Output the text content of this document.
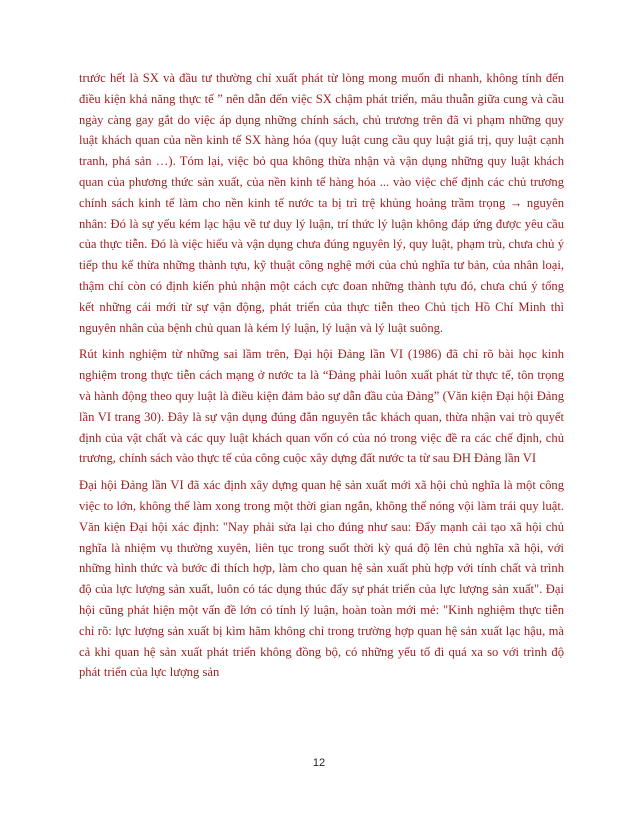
trước hết là SX và đầu tư thường chỉ xuất phát từ lòng mong muốn đi nhanh, không tính đến điều kiện khả năng thực tế ” nên dẫn đến việc SX chậm phát triển, mâu thuẫn giữa cung và cầu ngày càng gay gắt do việc áp dụng những chính sách, chủ trương trên đã vi phạm những quy luật khách quan của nền kinh tế SX hàng hóa (quy luật cung cầu quy luật giá trị, quy luật cạnh tranh, phá sản …). Tóm lại, việc bỏ qua không thừa nhận và vận dụng những quy luật khách quan của phương thức sản xuất, của nền kinh tế hàng hóa ... vào việc chế định các chủ trương chính sách kinh tế làm cho nền kinh tế nước ta bị trì trệ khủng hoảng trầm trọng → nguyên nhân: Đó là sự yếu kém lạc hậu về tư duy lý luận, trí thức lý luận không đáp ứng được yêu cầu của thực tiễn. Đó là việc hiểu và vận dụng chưa đúng nguyên lý, quy luật, phạm trù, chưa chủ ý tiếp thu kế thừa những thành tựu, kỹ thuật công nghệ mới của chủ nghĩa tư bản, của nhân loại, thậm chí còn có định kiến phủ nhận một cách cực đoan những thành tựu đó, chưa chú ý tổng kết những cái mới từ sự vận động, phát triển của thực tiễn theo Chủ tịch Hồ Chí Minh thì nguyên nhân của bệnh chủ quan là kém lý luận, lý luận và lý luật suông.

Rút kinh nghiệm từ những sai lầm trên, Đại hội Đảng lần VI (1986) đã chỉ rõ bài học kinh nghiệm trong thực tiễn cách mạng ở nước ta là “Đảng phải luôn xuất phát từ thực tế, tôn trọng và hành động theo quy luật là điều kiện đảm bảo sự dẫn đầu của Đảng” (Văn kiện Đại hội Đảng lần VI trang 30). Đây là sự vận dụng đúng đắn nguyên tắc khách quan, thừa nhận vai trò quyết định của vật chất và các quy luật khách quan vốn có của nó trong việc đề ra các chế định, chủ trương, chính sách vào thực tế của công cuộc xây dựng đất nước ta từ sau ĐH Đảng lần VI

Đại hội Đảng lần VI đã xác định xây dựng quan hệ sản xuất mới xã hội chủ nghĩa là một công việc to lớn, không thể làm xong trong một thời gian ngắn, không thể nóng vội làm trái quy luật. Văn kiện Đại hội xác định: "Nay phải sửa lại cho đúng như sau: Đẩy mạnh cải tạo xã hội chủ nghĩa là nhiệm vụ thường xuyên, liên tục trong suốt thời kỳ quá độ lên chủ nghĩa xã hội, với những hình thức và bước đi thích hợp, làm cho quan hệ sản xuất phù hợp với tính chất và trình độ của lực lượng sản xuất, luôn có tác dụng thúc đẩy sự phát triển của lực lượng sản xuất". Đại hội cũng phát hiện một vấn đề lớn có tính lý luận, hoàn toàn mới mẻ: "Kinh nghiệm thực tiễn chỉ rõ: lực lượng sản xuất bị kìm hãm không chỉ trong trường hợp quan hệ sản xuất lạc hậu, mà cả khi quan hệ sản xuất phát triển không đồng bộ, có những yếu tố đi quá xa so với trình độ phát triển của lực lượng sản

12
